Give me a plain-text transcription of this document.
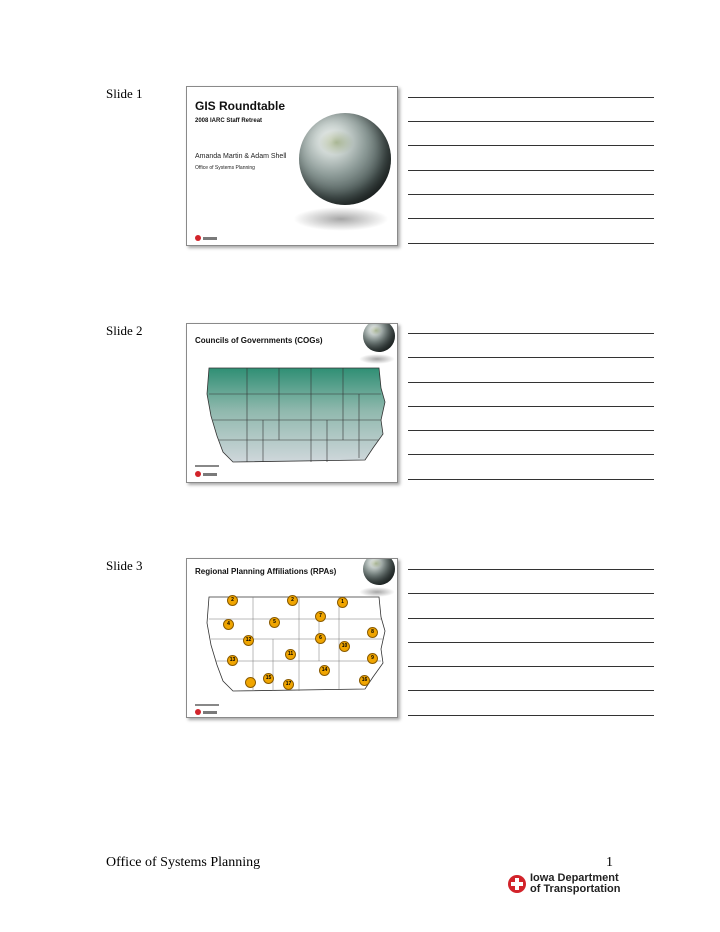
Slide 1
GIS Roundtable
2008 IARC Staff Retreat
Amanda Martin & Adam Shell
Office of Systems Planning
Slide 2
Councils of Governments (COGs)
Slide 3	Regional Planning Affiliations (RPAs)
2	2	1
7
4	5
8
12	6
10
11
9
13
14
15	16
17
Office of Systems Planning	1
Iowa Department
of Transportation
